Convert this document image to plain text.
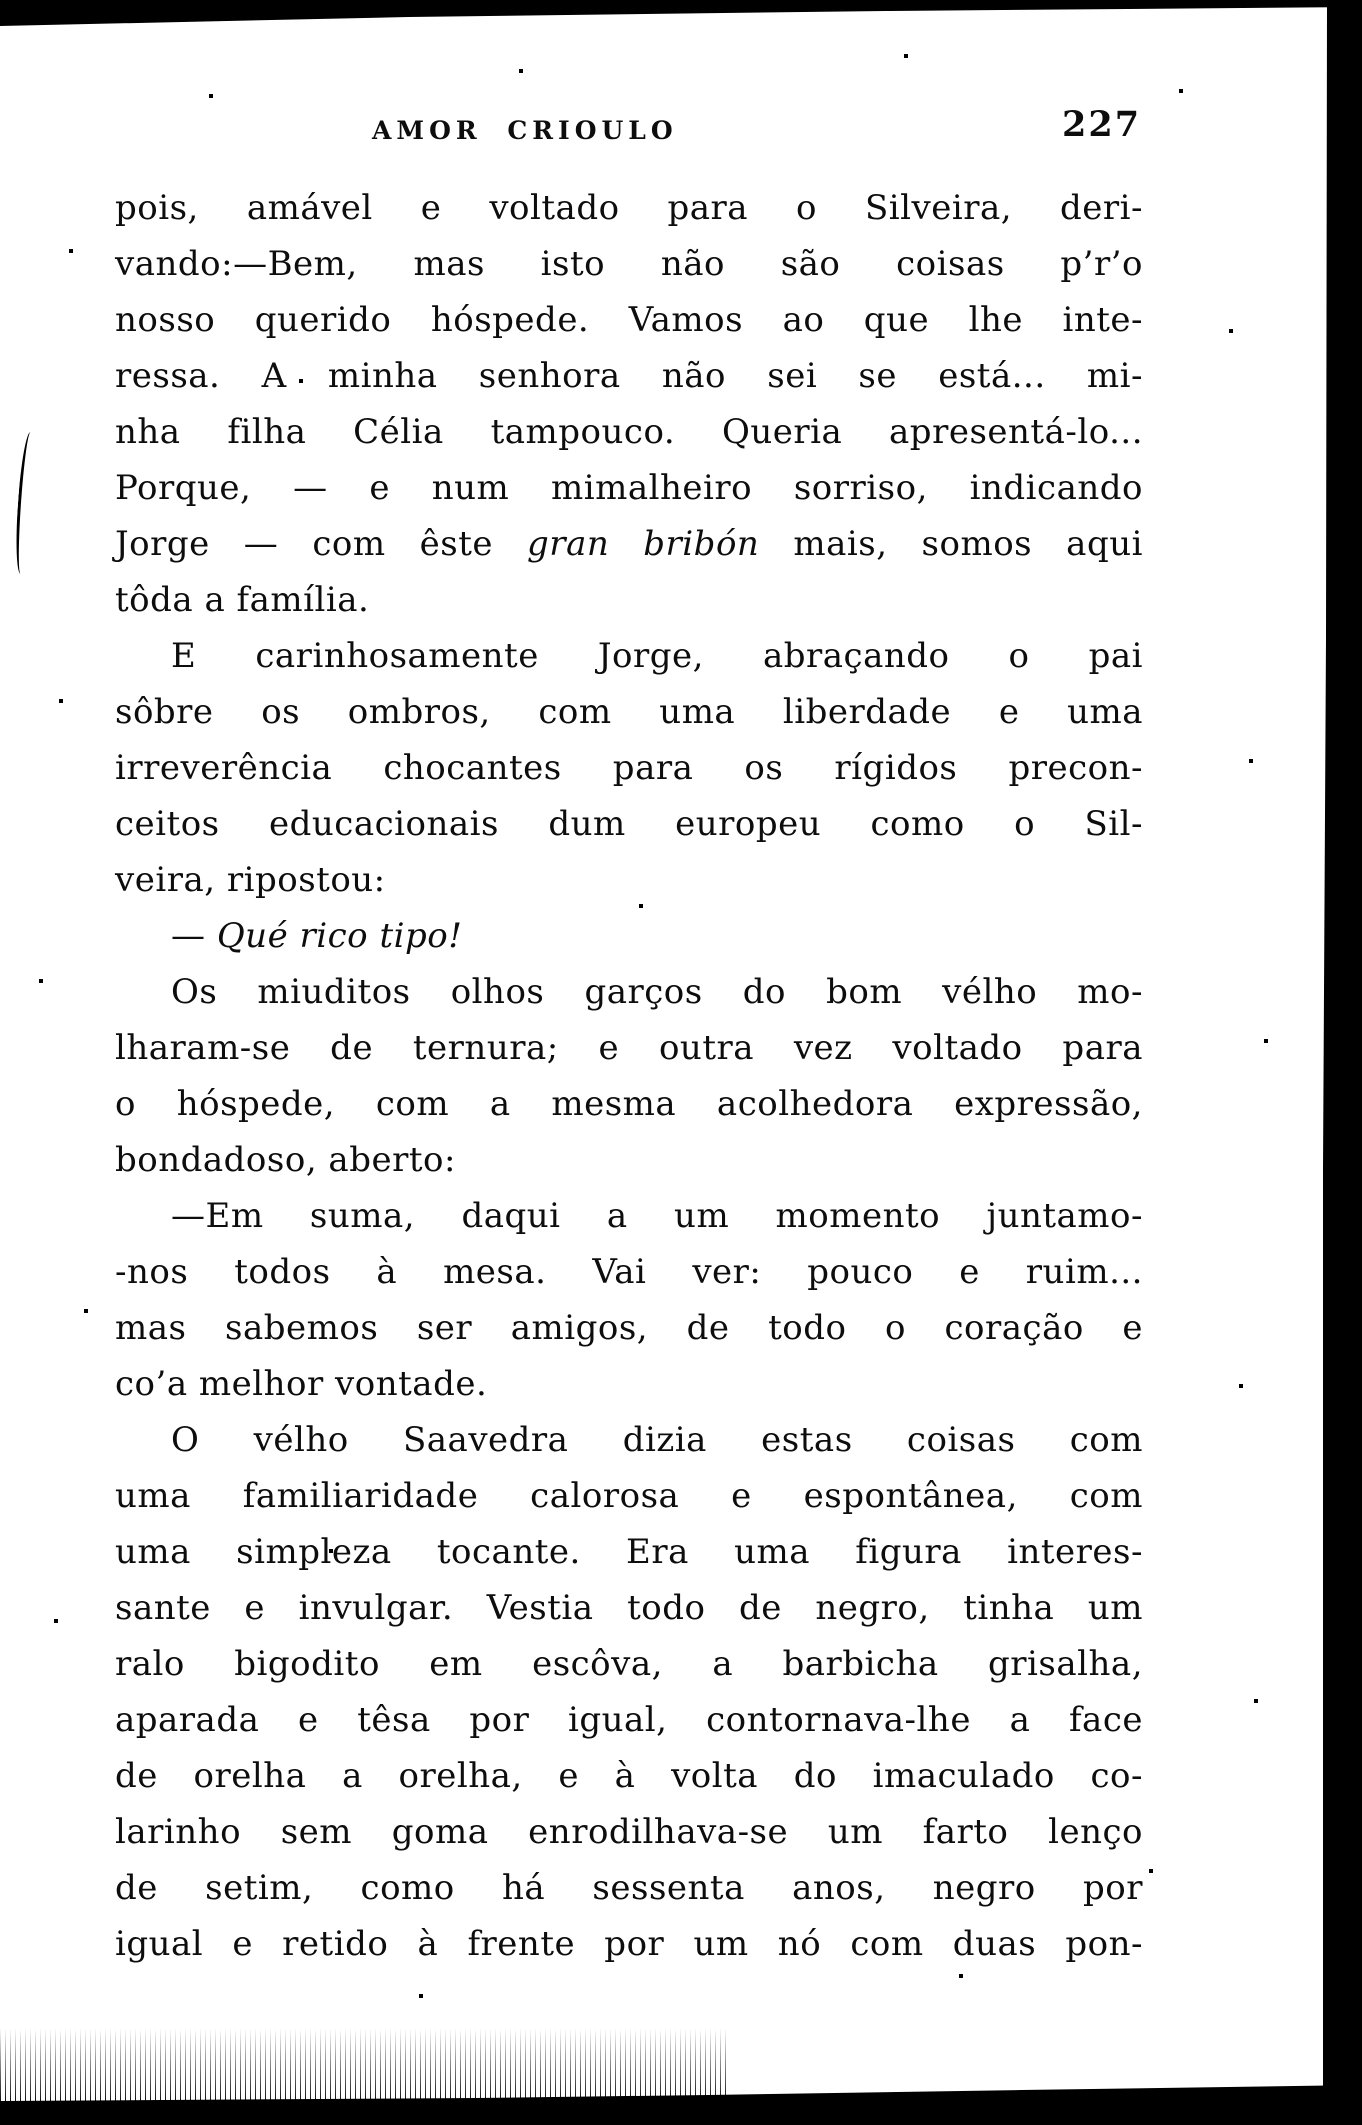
AMOR CRIOULO	227
pois, amável e voltado para o Silveira, deri-
vando:—Bem, mas isto não são coisas p’r’o
nosso querido hóspede. Vamos ao que lhe inte-
ressa. A minha senhora não sei se está... mi-
nha filha Célia tampouco. Queria apresentá-lo...
Porque, — e num mimalheiro sorriso, indicando
Jorge — com êste gran bribón mais, somos aqui
tôda a família.
E carinhosamente Jorge, abraçando o pai
sôbre os ombros, com uma liberdade e uma
irreverência chocantes para os rígidos precon-
ceitos educacionais dum europeu como o Sil-
veira, ripostou:
— Qué rico tipo!
Os miuditos olhos garços do bom vélho mo-
lharam-se de ternura; e outra vez voltado para
o hóspede, com a mesma acolhedora expressão,
bondadoso, aberto:
—Em suma, daqui a um momento juntamo-
-nos todos à mesa. Vai ver: pouco e ruim...
mas sabemos ser amigos, de todo o coração e
co’a melhor vontade.
O vélho Saavedra dizia estas coisas com
uma familiaridade calorosa e espontânea, com
uma simpleza tocante. Era uma figura interes-
sante e invulgar. Vestia todo de negro, tinha um
ralo bigodito em escôva, a barbicha grisalha,
aparada e têsa por igual, contornava-lhe a face
de orelha a orelha, e à volta do imaculado co-
larinho sem goma enrodilhava-se um farto lenço
de setim, como há sessenta anos, negro por
igual e retido à frente por um nó com duas pon-
